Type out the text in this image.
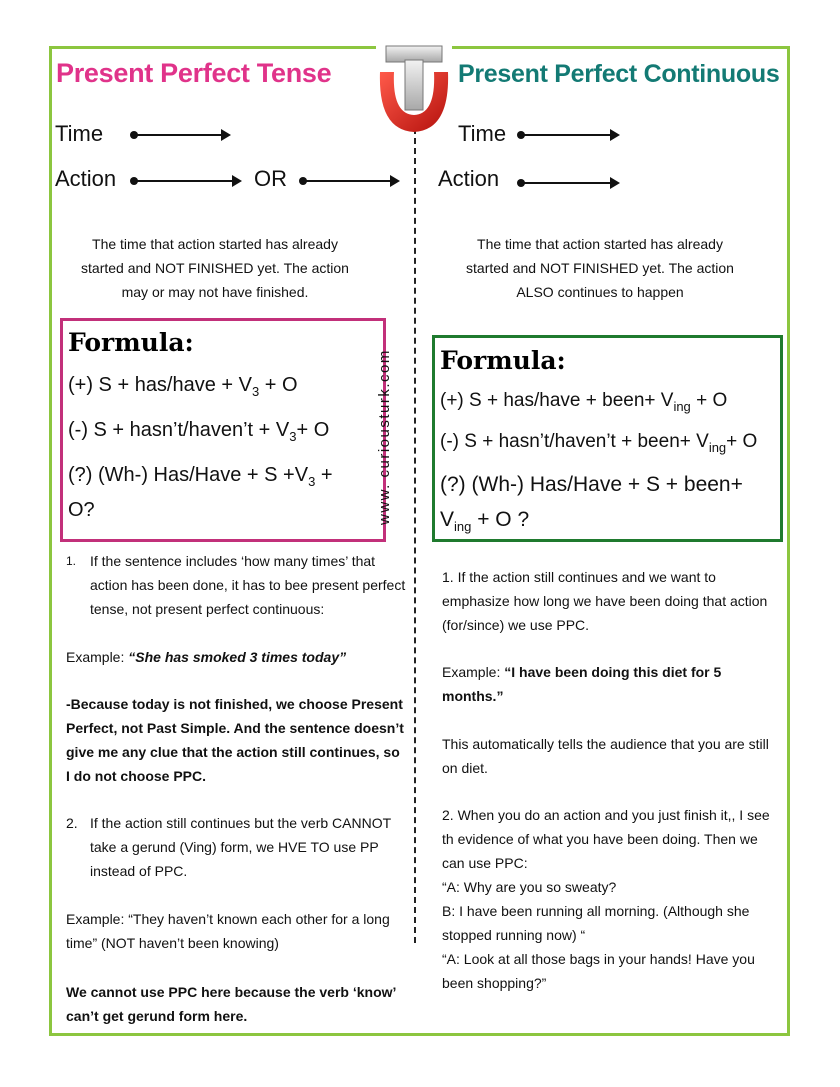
Present Perfect Tense
Time
Action	OR
The time that action started has already started and NOT FINISHED yet. The action may or may not have finished.
Formula:
(+) S + has/have + $V_3 + O$
(-) S + hasn’t/haven’t + $V_3+ O$
(?) (Wh-) Has/Have + $S +V_3$ +
O?
1. If the sentence includes ‘how many times’ that action has been done, it has to bee present perfect tense, not present perfect continuous:
Example: “She has smoked 3 times today”
-Because today is not finished, we choose Present Perfect, not Past Simple. And the sentence doesn’t give me any clue that the action still continues, so I do not choose PPC.
2. If the action still continues but the verb CANNOT take a gerund (Ving) form, we HVE TO use PP instead of PPC.
Example: “They haven’t known each other for a long time” (NOT haven’t been knowing)
We cannot use PPC here because the verb ‘know’ can’t get gerund form here.
www. curiousturk.com
Present Perfect Continuous
Time
Action
The time that action started has already started and NOT FINISHED yet. The action ALSO continues to happen
Formula:
(+) S + has/have + been+ $V_{ing} + O$
(-) S + hasn’t/haven’t + been+ $V_{ing}+ O$
(?) (Wh-) Has/Have + S + been+
$V_{ing} + O$ ?
1. If the action still continues and we want to emphasize how long we have been doing that action (for/since) we use PPC.
Example: “I have been doing this diet for 5 months.”
This automatically tells the audience that you are still on diet.
2. When you do an action and you just finish it,, I see th evidence of what you have been doing. Then we can use PPC:
“A: Why are you so sweaty?
B: I have been running all morning. (Although she stopped running now) “
“A: Look at all those bags in your hands! Have you been shopping?”
